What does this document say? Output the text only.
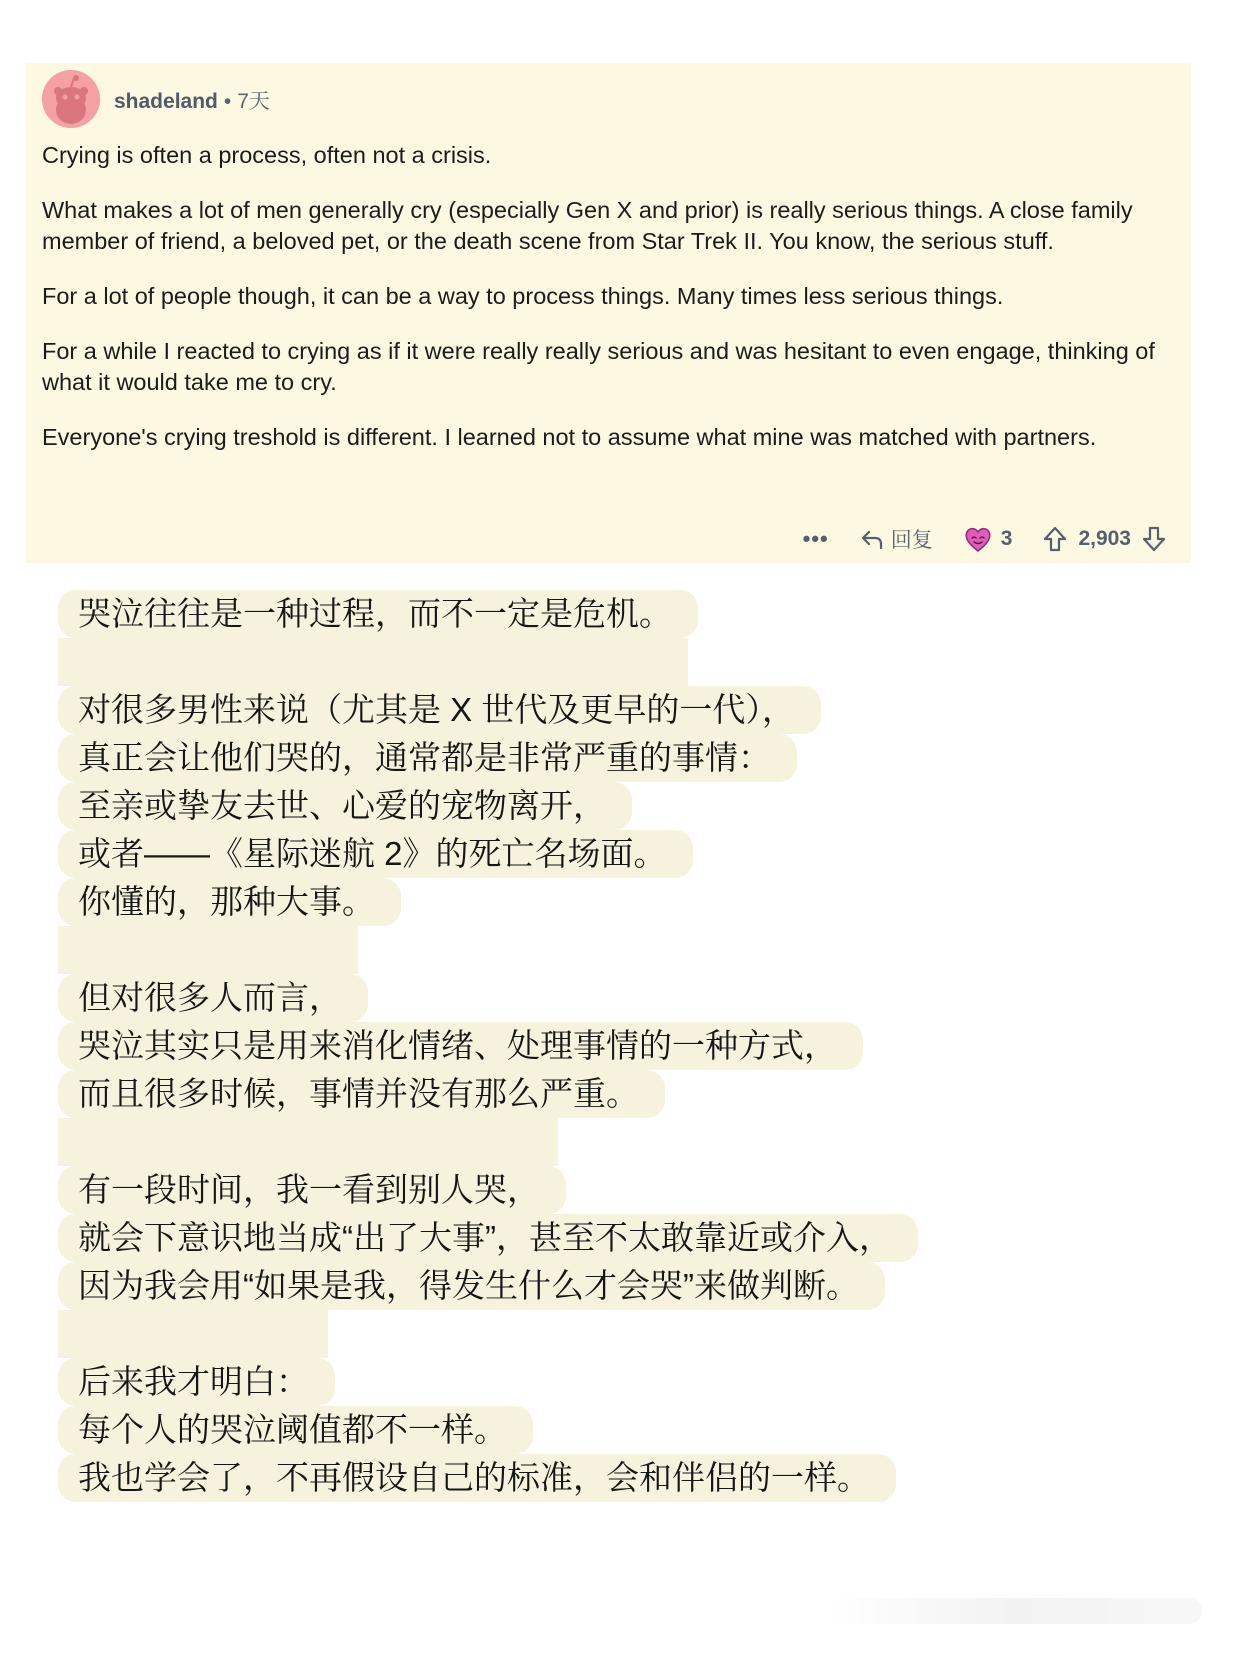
shadeland • 7天

Crying is often a process, often not a crisis.

What makes a lot of men generally cry (especially Gen X and prior) is really serious things. A close family member of friend, a beloved pet, or the death scene from Star Trek II. You know, the serious stuff.

For a lot of people though, it can be a way to process things. Many times less serious things.

For a while I reacted to crying as if it were really really serious and was hesitant to even engage, thinking of what it would take me to cry.

Everyone's crying treshold is different. I learned not to assume what mine was matched with partners.

•••	回复	3	2,903
哭泣往往是一种过程，而不一定是危机。
对很多男性来说（尤其是 X 世代及更早的一代），
真正会让他们哭的，通常都是非常严重的事情：
至亲或挚友去世、心爱的宠物离开，
或者——《星际迷航 2》的死亡名场面。
你懂的，那种大事。
但对很多人而言，
哭泣其实只是用来消化情绪、处理事情的一种方式，
而且很多时候，事情并没有那么严重。
有一段时间，我一看到别人哭，
就会下意识地当成“出了大事”，甚至不太敢靠近或介入，
因为我会用“如果是我，得发生什么才会哭”来做判断。
后来我才明白：
每个人的哭泣阈值都不一样。
我也学会了，不再假设自己的标准，会和伴侣的一样。
